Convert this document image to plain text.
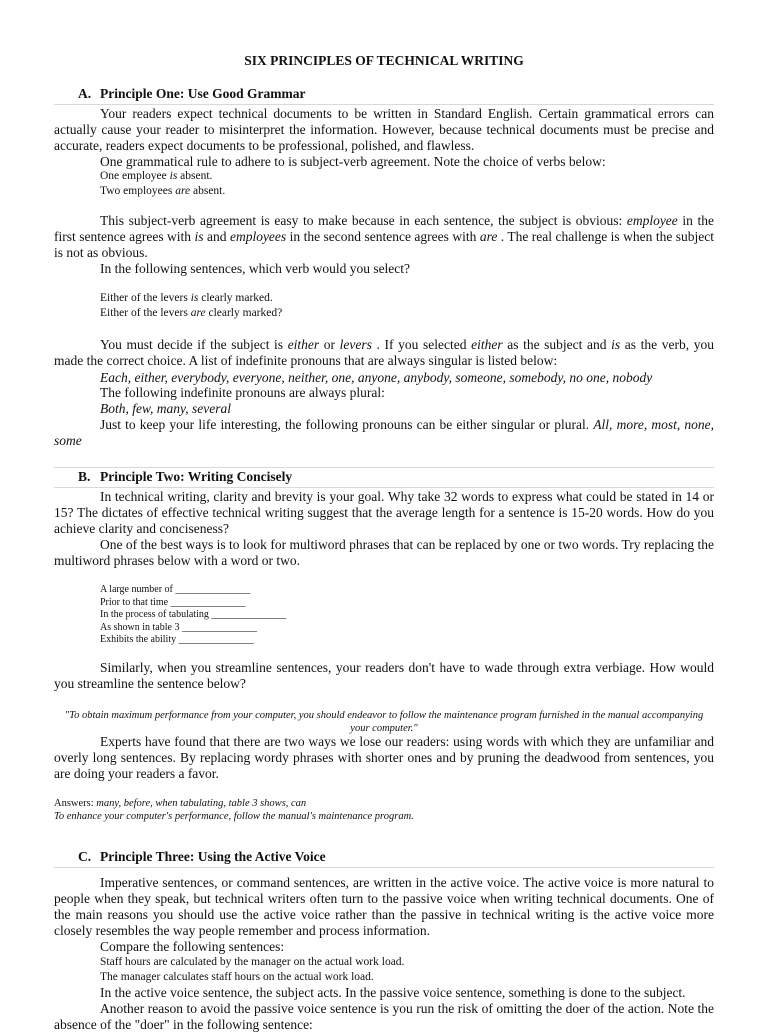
SIX PRINCIPLES OF TECHNICAL WRITING
A. Principle One: Use Good Grammar
Your readers expect technical documents to be written in Standard English. Certain grammatical errors can actually cause your reader to misinterpret the information. However, because technical documents must be precise and accurate, readers expect documents to be professional, polished, and flawless.
One grammatical rule to adhere to is subject-verb agreement. Note the choice of verbs below:
One employee is absent.
Two employees are absent.
This subject-verb agreement is easy to make because in each sentence, the subject is obvious: employee in the first sentence agrees with is and employees in the second sentence agrees with are . The real challenge is when the subject is not as obvious.
In the following sentences, which verb would you select?
Either of the levers is clearly marked.
Either of the levers are clearly marked?
You must decide if the subject is either or levers . If you selected either as the subject and is as the verb, you made the correct choice. A list of indefinite pronouns that are always singular is listed below:
Each, either, everybody, everyone, neither, one, anyone, anybody, someone, somebody, no one, nobody
The following indefinite pronouns are always plural:
Both, few, many, several
Just to keep your life interesting, the following pronouns can be either singular or plural. All, more, most, none, some
B. Principle Two: Writing Concisely
In technical writing, clarity and brevity is your goal. Why take 32 words to express what could be stated in 14 or 15? The dictates of effective technical writing suggest that the average length for a sentence is 15-20 words. How do you achieve clarity and conciseness?
One of the best ways is to look for multiword phrases that can be replaced by one or two words. Try replacing the multiword phrases below with a word or two.
A large number of _______________
Prior to that time _______________
In the process of tabulating _______________
As shown in table 3 _______________
Exhibits the ability _______________
Similarly, when you streamline sentences, your readers don't have to wade through extra verbiage. How would you streamline the sentence below?
"To obtain maximum performance from your computer, you should endeavor to follow the maintenance program furnished in the manual accompanying your computer."
Experts have found that there are two ways we lose our readers: using words with which they are unfamiliar and overly long sentences. By replacing wordy phrases with shorter ones and by pruning the deadwood from sentences, you are doing your readers a favor.
Answers: many, before, when tabulating, table 3 shows, can
To enhance your computer's performance, follow the manual's maintenance program.
C. Principle Three: Using the Active Voice
Imperative sentences, or command sentences, are written in the active voice. The active voice is more natural to people when they speak, but technical writers often turn to the passive voice when writing technical documents. One of the main reasons you should use the active voice rather than the passive in technical writing is the active voice more closely resembles the way people remember and process information.
Compare the following sentences:
Staff hours are calculated by the manager on the actual work load.
The manager calculates staff hours on the actual work load.
In the active voice sentence, the subject acts. In the passive voice sentence, something is done to the subject.
Another reason to avoid the passive voice sentence is you run the risk of omitting the doer of the action. Note the absence of the "doer" in the following sentence:
